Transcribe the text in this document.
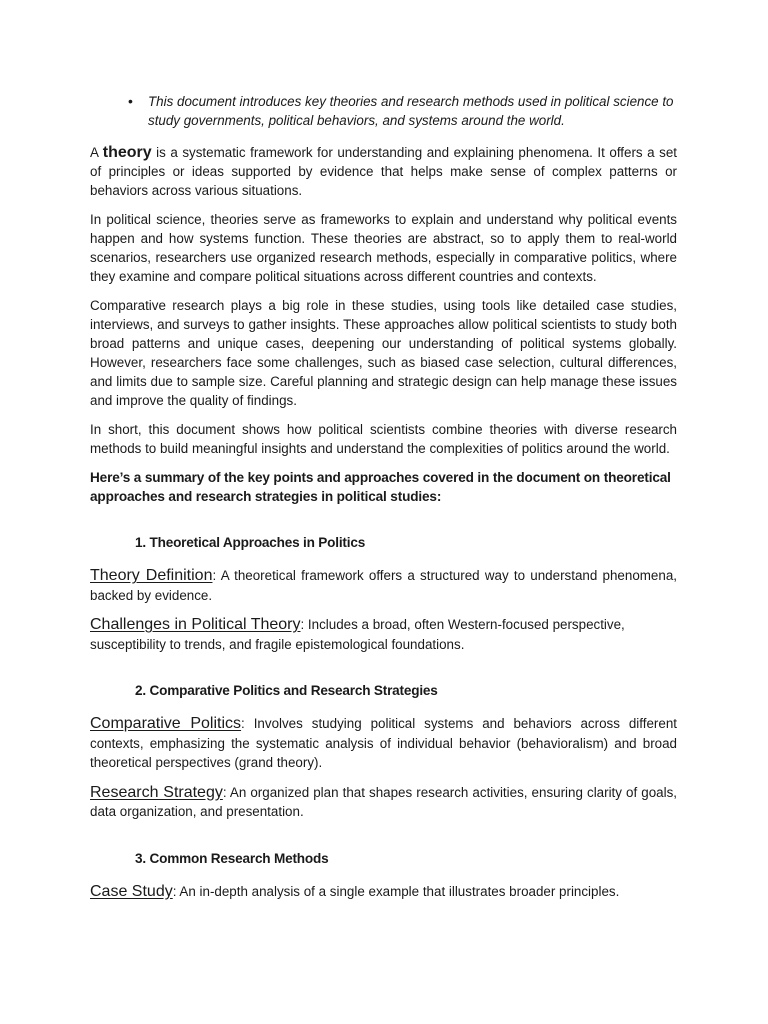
• This document introduces key theories and research methods used in political science to study governments, political behaviors, and systems around the world.

A theory is a systematic framework for understanding and explaining phenomena. It offers a set of principles or ideas supported by evidence that helps make sense of complex patterns or behaviors across various situations.

In political science, theories serve as frameworks to explain and understand why political events happen and how systems function. These theories are abstract, so to apply them to real-world scenarios, researchers use organized research methods, especially in comparative politics, where they examine and compare political situations across different countries and contexts.

Comparative research plays a big role in these studies, using tools like detailed case studies, interviews, and surveys to gather insights. These approaches allow political scientists to study both broad patterns and unique cases, deepening our understanding of political systems globally. However, researchers face some challenges, such as biased case selection, cultural differences, and limits due to sample size. Careful planning and strategic design can help manage these issues and improve the quality of findings.

In short, this document shows how political scientists combine theories with diverse research methods to build meaningful insights and understand the complexities of politics around the world.

Here’s a summary of the key points and approaches covered in the document on theoretical approaches and research strategies in political studies:
1. Theoretical Approaches in Politics

Theory Definition: A theoretical framework offers a structured way to understand phenomena, backed by evidence.

Challenges in Political Theory: Includes a broad, often Western-focused perspective, susceptibility to trends, and fragile epistemological foundations.

2. Comparative Politics and Research Strategies

Comparative Politics: Involves studying political systems and behaviors across different contexts, emphasizing the systematic analysis of individual behavior (behavioralism) and broad theoretical perspectives (grand theory).

Research Strategy: An organized plan that shapes research activities, ensuring clarity of goals, data organization, and presentation.

3. Common Research Methods

Case Study: An in-depth analysis of a single example that illustrates broader principles.
